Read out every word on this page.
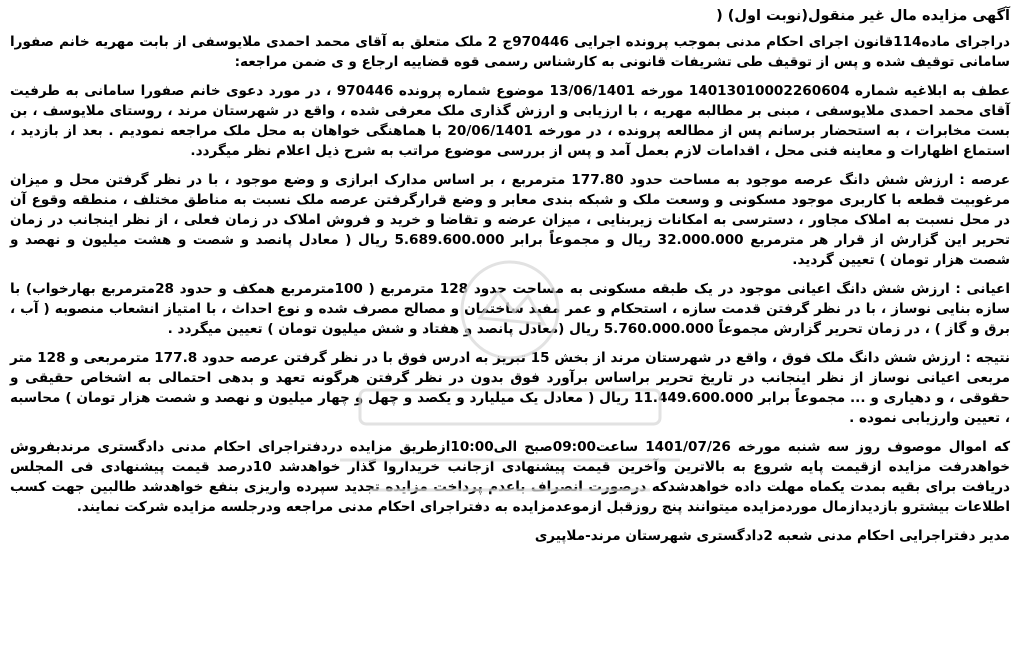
آگهی مزایده مال غیر منقول(نوبت اول) (
دراجرای ماده114قانون اجرای احکام مدنی بموجب پرونده اجرایی 970446ج 2 ملک متعلق به آقای محمد احمدی ملایوسفی از بابت مهریه خانم صفورا سامانی توقیف شده و پس از توقیف طی تشریفات قانونی به کارشناس رسمی قوه قضاییه ارجاع و ی ضمن مراجعه:
عطف به ابلاغیه شماره 14013010002260604 مورخه 13/06/1401 موضوع شماره پرونده 970446 ، در مورد دعوی خانم صفورا سامانی به طرفیت آقای محمد احمدی ملایوسفی ، مبنی بر مطالبه مهریه ، با ارزیابی و ارزش گذاری ملک معرفی شده ، واقع در شهرستان مرند ، روستای ملایوسف ، بن بست مخابرات ، به استحضار برسانم پس از مطالعه پرونده ، در مورخه 20/06/1401 با هماهنگی خواهان به محل ملک مراجعه نمودیم . بعد از بازدید ، استماع اظهارات و معاینه فنی محل ، اقدامات لازم بعمل آمد و پس از بررسی موضوع مراتب به شرح ذیل اعلام نظر میگردد.
عرصه : ارزش شش دانگ عرصه موجود به مساحت حدود 177.80 مترمربع ، بر اساس مدارک ابرازی و وضع موجود ، با در نظر گرفتن محل و میزان مرغوبیت قطعه با کاربری موجود مسکونی و وسعت ملک و شبکه بندی معابر و وضع قرارگرفتن عرصه ملک نسبت به مناطق مختلف ، منطقه وقوع آن در محل نسبت به املاک مجاور ، دسترسی به امکانات زیربنایی ، میزان عرضه و تقاضا و خرید و فروش املاک در زمان فعلی ، از نظر اینجانب در زمان تحریر این گزارش از قرار هر مترمربع 32.000.000 ریال و مجموعاً برابر 5.689.600.000 ریال ( معادل پانصد و شصت و هشت میلیون و نهصد و شصت هزار تومان ) تعیین گردید.
اعیانی : ارزش شش دانگ اعیانی موجود در یک طبقه مسکونی به مساحت حدود 128 مترمربع ( 100مترمربع همکف و حدود 28مترمربع بهارخواب) با سازه بنایی نوساز ، با در نظر گرفتن قدمت سازه ، استحکام و عمر مفید ساختمان و مصالح مصرف شده و نوع احداث ، با امتیاز انشعاب منصوبه ( آب ، برق و گاز ) ، در زمان تحریر گزارش مجموعاً 5.760.000.000 ریال (معادل پانصد و هفتاد و شش میلیون تومان ) تعیین میگردد .
نتیجه : ارزش شش دانگ ملک فوق ، واقع در شهرستان مرند از بخش 15 تبریز به ادرس فوق با در نظر گرفتن عرصه حدود 177.8 مترمربعی و 128 متر مربعی اعیانی نوساز از نظر اینجانب در تاریخ تحریر براساس برآورد فوق بدون در نظر گرفتن هرگونه تعهد و بدهی احتمالی به اشخاص حقیقی و حقوقی ، و دهیاری و ... مجموعاً برابر 11.449.600.000 ریال ( معادل یک میلیارد و یکصد و چهل و چهار میلیون و نهصد و شصت هزار تومان ) محاسبه ، تعیین وارزیابی نموده .
که اموال موصوف روز سه شنبه مورخه 1401/07/26 ساعت09:00صبح الی10:00ازطریق مزایده دردفتراجرای احکام مدنی دادگستری مرندبفروش خواهدرفت مزایده ازقیمت پایه شروع به بالاترین وآخرین قیمت پیشنهادی ازجانب خریداروا گذار خواهدشد 10درصد قیمت پیشنهادی فی المجلس دریافت برای بقیه بمدت یکماه مهلت داده خواهدشدکه درصورت انصراف باعدم پرداخت مزایده تجدید سپرده واریزی بنفع خواهدشد طالبین جهت کسب اطلاعات بیشترو بازدیدازمال موردمزایده میتوانند پنج روزقبل ازموعدمزایده به دفتراجرای احکام مدنی مراجعه ودرجلسه مزایده شرکت نمایند.
مدیر دفتراجرایی احکام مدنی شعبه 2دادگستری شهرستان مرند-ملاپیری
